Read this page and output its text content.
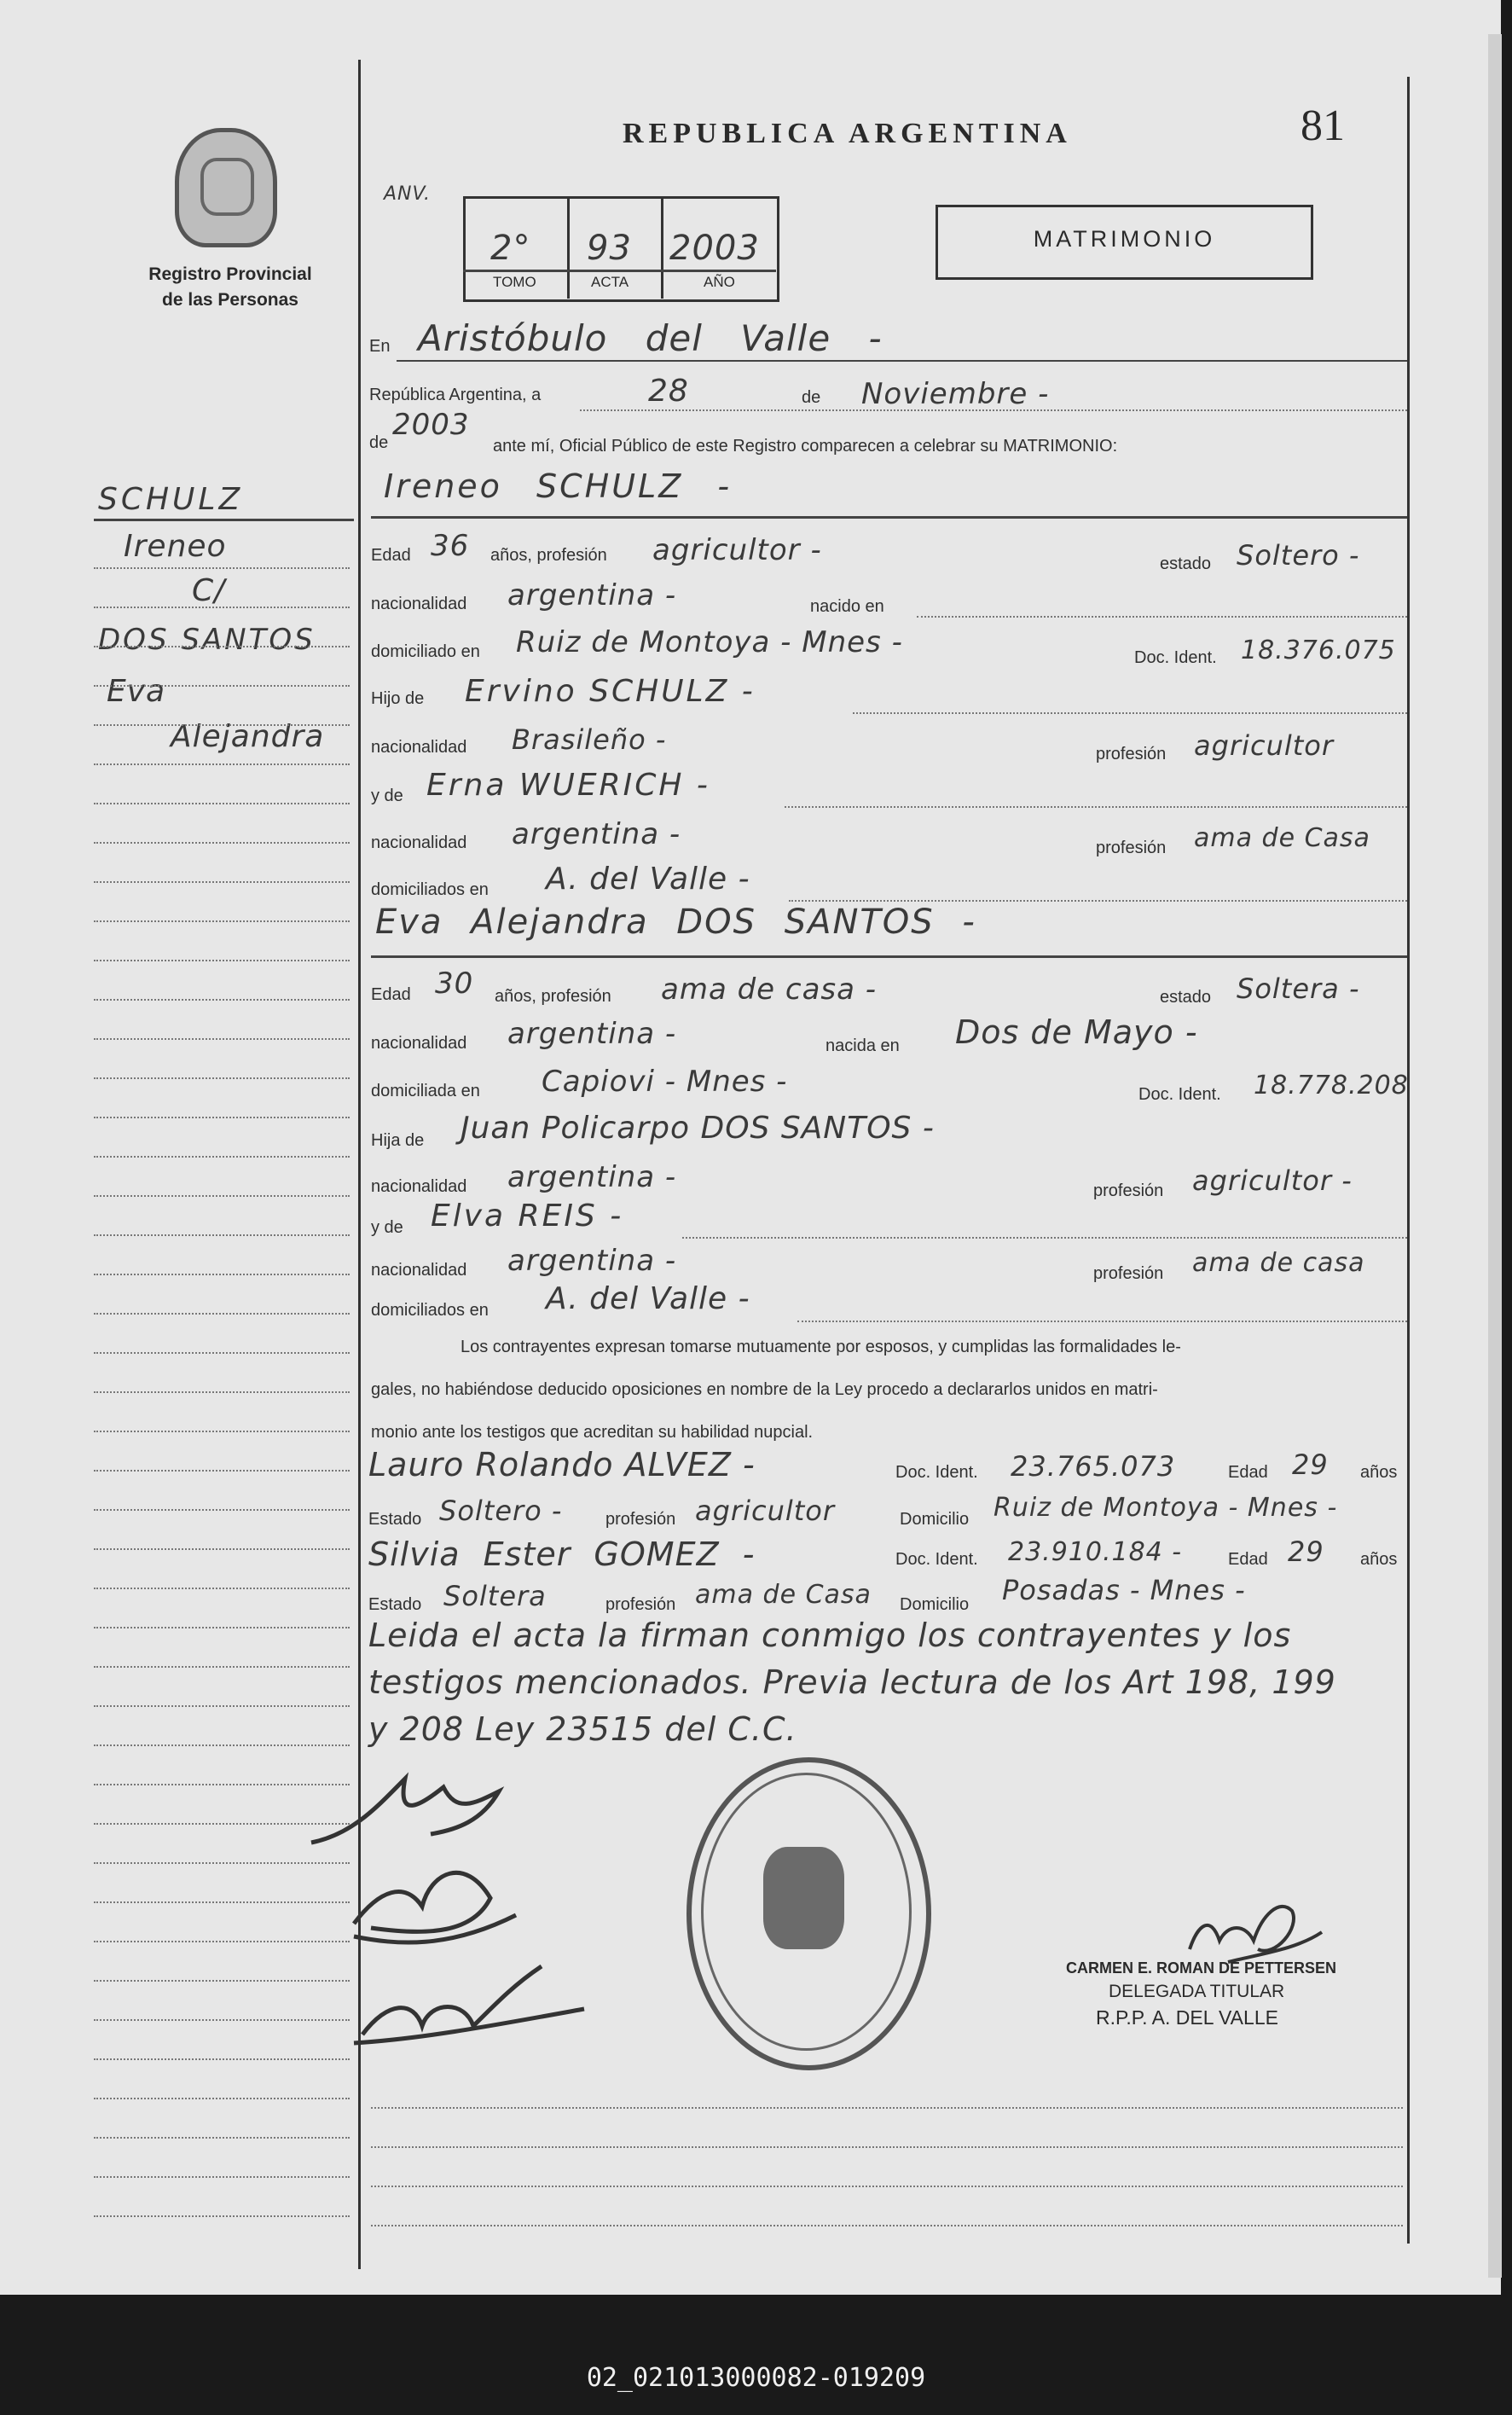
REPUBLICA ARGENTINA	81
ANV.
Registro Provincial
de las Personas
2° 93 2003
TOMO	ACTA	AÑO
MATRIMONIO
SCHULZ
Ireneo
C/
DOS SANTOS
Eva
Alejandra
En Aristóbulo del Valle -
República Argentina, a	28	de Noviembre -
de
2003
ante mí, Oficial Público de este Registro comparecen a celebrar su MATRIMONIO:
Ireneo SCHULZ -
Edad 36 años, profesión agricultor -	estado Soltero -
nacionalidad argentina -	nacido en
domiciliado en Ruiz de Montoya - Mnes -	Doc. Ident. 18.376.075
Hijo de Ervino SCHULZ -
nacionalidad Brasileño -	profesión agricultor
y de Erna WUERICH -
nacionalidad argentina -	profesión ama de Casa
domiciliados en A. del Valle -
Eva Alejandra DOS SANTOS -
Edad 30 años, profesión ama de casa -	estado Soltera -
nacionalidad argentina -	nacida en Dos de Mayo -
domiciliada en Capiovi - Mnes -	Doc. Ident. 18.778.208
Hija de Juan Policarpo DOS SANTOS -
nacionalidad argentina -	profesión agricultor -
y de Elva REIS -
nacionalidad argentina -	profesión ama de casa
domiciliados en A. del Valle -
Los contrayentes expresan tomarse mutuamente por esposos, y cumplidas las formalidades le-
gales, no habiéndose deducido oposiciones en nombre de la Ley procedo a declararlos unidos en matri-
monio ante los testigos que acreditan su habilidad nupcial.
Lauro Rolando ALVEZ -	Doc. Ident. 23.765.073	Edad 29 años
Estado Soltero -	profesión agricultor	Domicilio Ruiz de Montoya - Mnes -
Silvia Ester GOMEZ -	Doc. Ident. 23.910.184 -	Edad 29 años
Estado Soltera	profesión ama de Casa Domicilio Posadas - Mnes -
Leida el acta la firman conmigo los contrayentes y los
testigos mencionados. Previa lectura de los Art 198, 199
y 208 Ley 23515 del C.C.
CARMEN E. ROMAN DE PETTERSEN
DELEGADA TITULAR
R.P.P. A. DEL VALLE
02_021013000082-019209
